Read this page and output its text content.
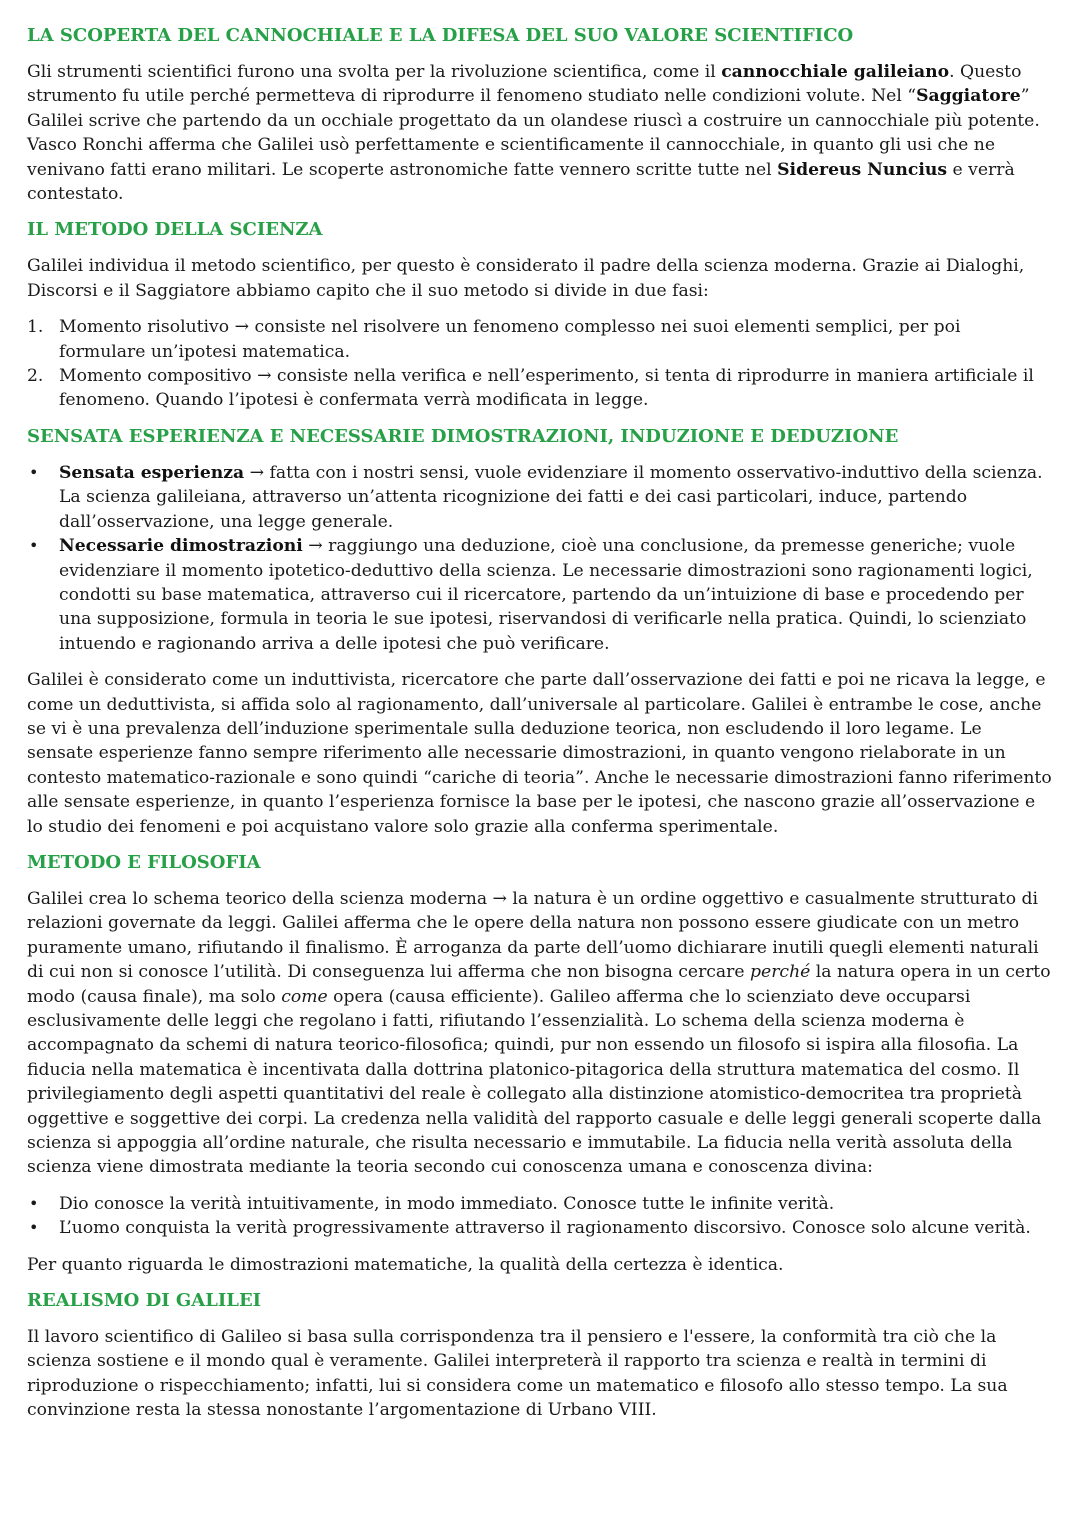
LA SCOPERTA DEL CANNOCHIALE E LA DIFESA DEL SUO VALORE SCIENTIFICO

Gli strumenti scientifici furono una svolta per la rivoluzione scientifica, come il cannocchiale galileiano. Questo strumento fu utile perché permetteva di riprodurre il fenomeno studiato nelle condizioni volute. Nel “Saggiatore” Galilei scrive che partendo da un occhiale progettato da un olandese riuscì a costruire un cannocchiale più potente. Vasco Ronchi afferma che Galilei usò perfettamente e scientificamente il cannocchiale, in quanto gli usi che ne venivano fatti erano militari. Le scoperte astronomiche fatte vennero scritte tutte nel Sidereus Nuncius e verrà contestato.

IL METODO DELLA SCIENZA

Galilei individua il metodo scientifico, per questo è considerato il padre della scienza moderna. Grazie ai Dialoghi, Discorsi e il Saggiatore abbiamo capito che il suo metodo si divide in due fasi:

1. Momento risolutivo → consiste nel risolvere un fenomeno complesso nei suoi elementi semplici, per poi formulare un’ipotesi matematica.
2. Momento compositivo → consiste nella verifica e nell’esperimento, si tenta di riprodurre in maniera artificiale il fenomeno. Quando l’ipotesi è confermata verrà modificata in legge.
SENSATA ESPERIENZA E NECESSARIE DIMOSTRAZIONI, INDUZIONE E DEDUZIONE
• Sensata esperienza → fatta con i nostri sensi, vuole evidenziare il momento osservativo-induttivo della scienza. La scienza galileiana, attraverso un’attenta ricognizione dei fatti e dei casi particolari, induce, partendo dall’osservazione, una legge generale.
• Necessarie dimostrazioni → raggiungo una deduzione, cioè una conclusione, da premesse generiche; vuole evidenziare il momento ipotetico-deduttivo della scienza. Le necessarie dimostrazioni sono ragionamenti logici, condotti su base matematica, attraverso cui il ricercatore, partendo da un’intuizione di base e procedendo per una supposizione, formula in teoria le sue ipotesi, riservandosi di verificarle nella pratica. Quindi, lo scienziato intuendo e ragionando arriva a delle ipotesi che può verificare.

Galilei è considerato come un induttivista, ricercatore che parte dall’osservazione dei fatti e poi ne ricava la legge, e come un deduttivista, si affida solo al ragionamento, dall’universale al particolare. Galilei è entrambe le cose, anche se vi è una prevalenza dell’induzione sperimentale sulla deduzione teorica, non escludendo il loro legame. Le sensate esperienze fanno sempre riferimento alle necessarie dimostrazioni, in quanto vengono rielaborate in un contesto matematico-razionale e sono quindi “cariche di teoria”. Anche le necessarie dimostrazioni fanno riferimento alle sensate esperienze, in quanto l’esperienza fornisce la base per le ipotesi, che nascono grazie all’osservazione e lo studio dei fenomeni e poi acquistano valore solo grazie alla conferma sperimentale.

METODO E FILOSOFIA

Galilei crea lo schema teorico della scienza moderna → la natura è un ordine oggettivo e casualmente strutturato di relazioni governate da leggi. Galilei afferma che le opere della natura non possono essere giudicate con un metro puramente umano, rifiutando il finalismo. È arroganza da parte dell’uomo dichiarare inutili quegli elementi naturali di cui non si conosce l’utilità. Di conseguenza lui afferma che non bisogna cercare perché la natura opera in un certo modo (causa finale), ma solo come opera (causa efficiente). Galileo afferma che lo scienziato deve occuparsi esclusivamente delle leggi che regolano i fatti, rifiutando l’essenzialità. Lo schema della scienza moderna è accompagnato da schemi di natura teorico-filosofica; quindi, pur non essendo un filosofo si ispira alla filosofia. La fiducia nella matematica è incentivata dalla dottrina platonico-pitagorica della struttura matematica del cosmo. Il privilegiamento degli aspetti quantitativi del reale è collegato alla distinzione atomistico-democritea tra proprietà oggettive e soggettive dei corpi. La credenza nella validità del rapporto casuale e delle leggi generali scoperte dalla scienza si appoggia all’ordine naturale, che risulta necessario e immutabile. La fiducia nella verità assoluta della scienza viene dimostrata mediante la teoria secondo cui conoscenza umana e conoscenza divina:

• Dio conosce la verità intuitivamente, in modo immediato. Conosce tutte le infinite verità.
• L’uomo conquista la verità progressivamente attraverso il ragionamento discorsivo. Conosce solo alcune verità.

Per quanto riguarda le dimostrazioni matematiche, la qualità della certezza è identica.

REALISMO DI GALILEI

Il lavoro scientifico di Galileo si basa sulla corrispondenza tra il pensiero e l'essere, la conformità tra ciò che la scienza sostiene e il mondo qual è veramente. Galilei interpreterà il rapporto tra scienza e realtà in termini di riproduzione o rispecchiamento; infatti, lui si considera come un matematico e filosofo allo stesso tempo. La sua convinzione resta la stessa nonostante l’argomentazione di Urbano VIII.
